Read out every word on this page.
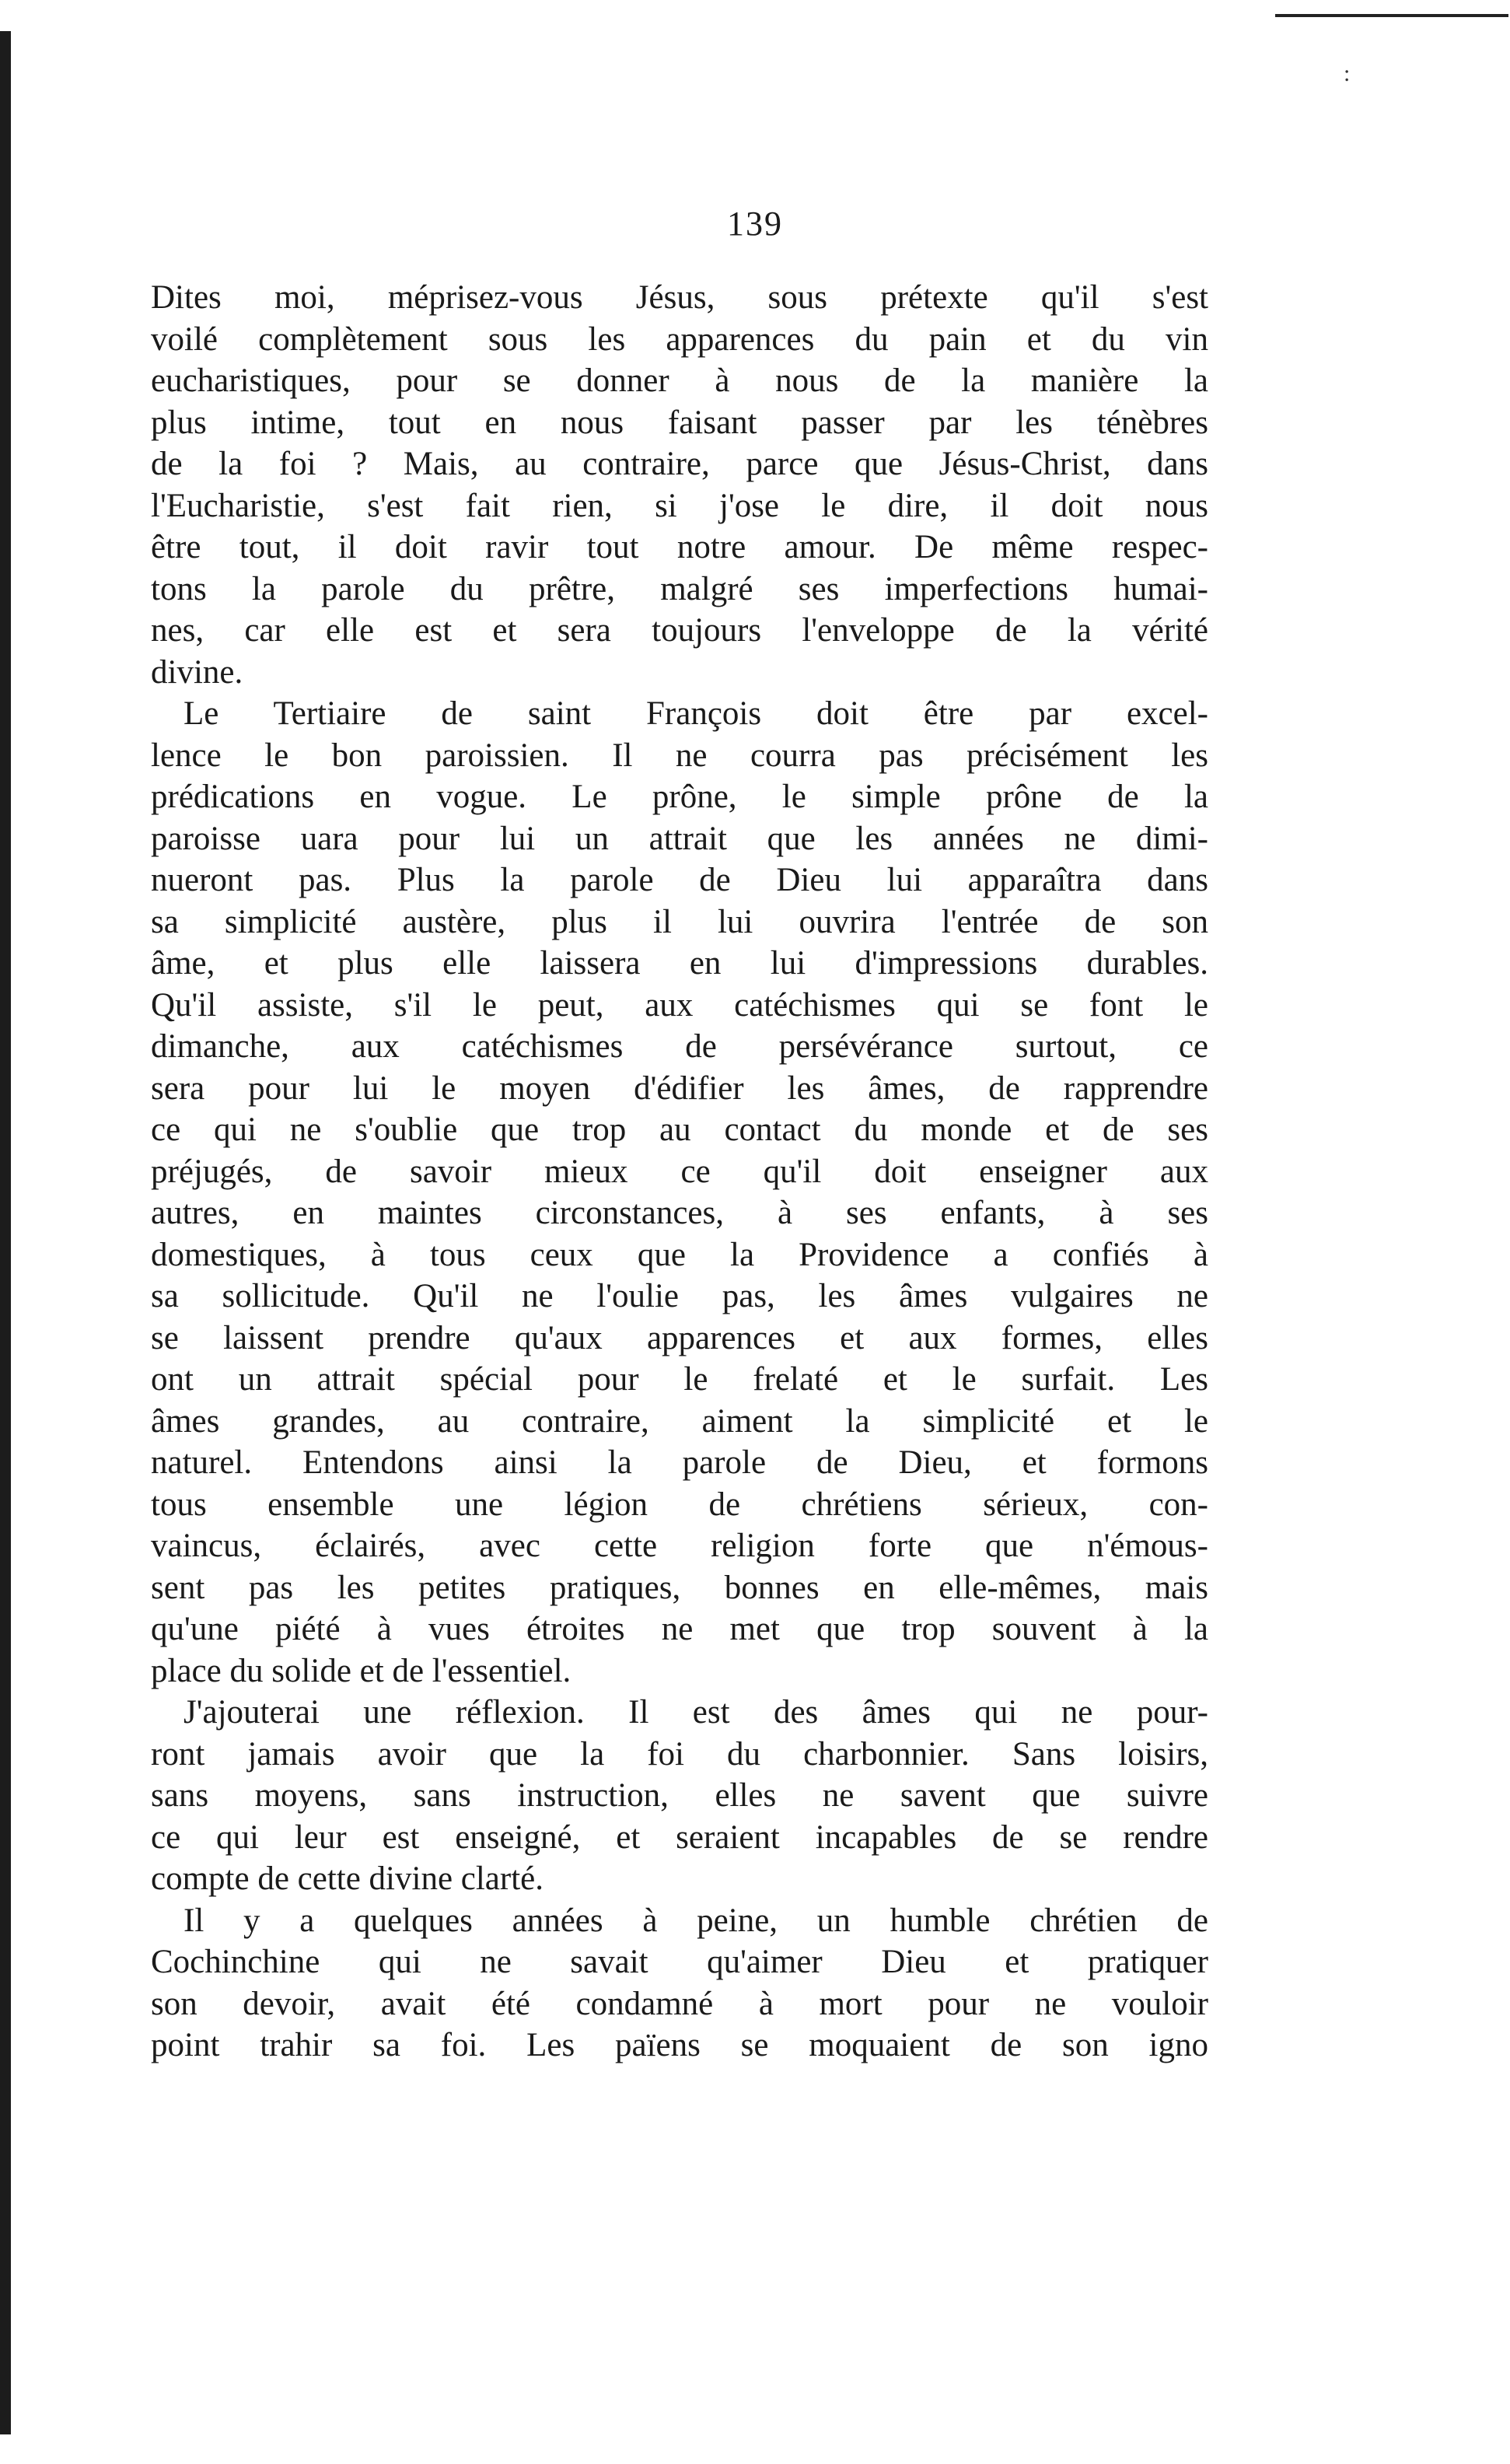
:
139
Dites moi, méprisez-vous Jésus, sous prétexte qu'il s'est
voilé complètement sous les apparences du pain et du vin
eucharistiques, pour se donner à nous de la manière la
plus intime, tout en nous faisant passer par les ténèbres
de la foi ? Mais, au contraire, parce que Jésus-Christ, dans
l'Eucharistie, s'est fait rien, si j'ose le dire, il doit nous
être tout, il doit ravir tout notre amour. De même respec-
tons la parole du prêtre, malgré ses imperfections humai-
nes, car elle est et sera toujours l'enveloppe de la vérité
divine.
Le Tertiaire de saint François doit être par excel-
lence le bon paroissien. Il ne courra pas précisément les
prédications en vogue. Le prône, le simple prône de la
paroisse uara pour lui un attrait que les années ne dimi-
nueront pas. Plus la parole de Dieu lui apparaîtra dans
sa simplicité austère, plus il lui ouvrira l'entrée de son
âme, et plus elle laissera en lui d'impressions durables.
Qu'il assiste, s'il le peut, aux catéchismes qui se font le
dimanche, aux catéchismes de persévérance surtout, ce
sera pour lui le moyen d'édifier les âmes, de rapprendre
ce qui ne s'oublie que trop au contact du monde et de ses
préjugés, de savoir mieux ce qu'il doit enseigner aux
autres, en maintes circonstances, à ses enfants, à ses
domestiques, à tous ceux que la Providence a confiés à
sa sollicitude. Qu'il ne l'oulie pas, les âmes vulgaires ne
se laissent prendre qu'aux apparences et aux formes, elles
ont un attrait spécial pour le frelaté et le surfait. Les
âmes grandes, au contraire, aiment la simplicité et le
naturel. Entendons ainsi la parole de Dieu, et formons
tous ensemble une légion de chrétiens sérieux, con-
vaincus, éclairés, avec cette religion forte que n'émous-
sent pas les petites pratiques, bonnes en elle-mêmes, mais
qu'une piété à vues étroites ne met que trop souvent à la
place du solide et de l'essentiel.
J'ajouterai une réflexion. Il est des âmes qui ne pour-
ront jamais avoir que la foi du charbonnier. Sans loisirs,
sans moyens, sans instruction, elles ne savent que suivre
ce qui leur est enseigné, et seraient incapables de se rendre
compte de cette divine clarté.
Il y a quelques années à peine, un humble chrétien de
Cochinchine qui ne savait qu'aimer Dieu et pratiquer
son devoir, avait été condamné à mort pour ne vouloir
point trahir sa foi. Les païens se moquaient de son igno
